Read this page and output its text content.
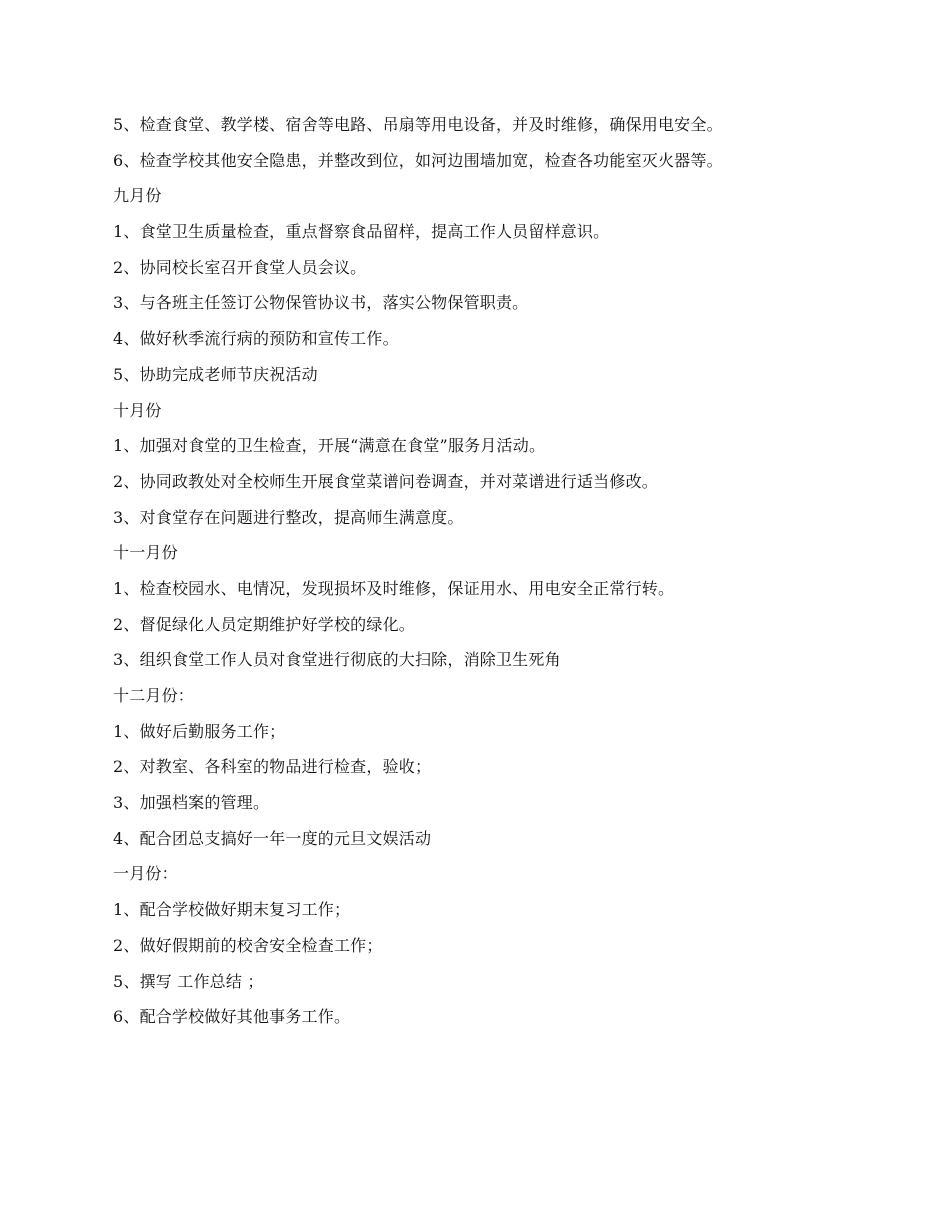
5、检查食堂、教学楼、宿舍等电路、吊扇等用电设备，并及时维修，确保用电安全。
6、检查学校其他安全隐患，并整改到位，如河边围墙加宽，检查各功能室灭火器等。
九月份
1、食堂卫生质量检查，重点督察食品留样，提高工作人员留样意识。
2、协同校长室召开食堂人员会议。
3、与各班主任签订公物保管协议书，落实公物保管职责。
4、做好秋季流行病的预防和宣传工作。
5、协助完成老师节庆祝活动
十月份
1、加强对食堂的卫生检查，开展“满意在食堂”服务月活动。
2、协同政教处对全校师生开展食堂菜谱问卷调查，并对菜谱进行适当修改。
3、对食堂存在问题进行整改，提高师生满意度。
十一月份
1、检查校园水、电情况，发现损坏及时维修，保证用水、用电安全正常行转。
2、督促绿化人员定期维护好学校的绿化。
3、组织食堂工作人员对食堂进行彻底的大扫除，消除卫生死角
十二月份：
1、做好后勤服务工作；
2、对教室、各科室的物品进行检查，验收；
3、加强档案的管理。
4、配合团总支搞好一年一度的元旦文娱活动
一月份：
1、配合学校做好期末复习工作；
2、做好假期前的校舍安全检查工作；
5、撰写 工作总结 ；
6、配合学校做好其他事务工作。
